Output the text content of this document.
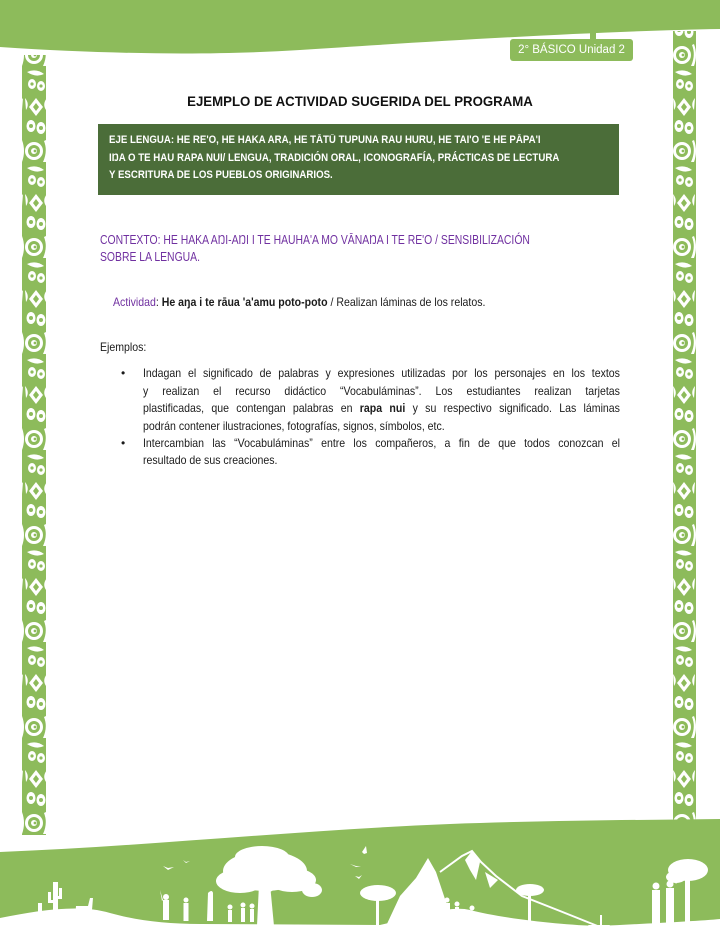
2° BÁSICO Unidad 2
EJEMPLO DE ACTIVIDAD SUGERIDA DEL PROGRAMA
EJE LENGUA: HE RE'O, HE HAKA ARA, HE TĀTŪ TUPUNA RAU HURU, HE TAI'O 'E HE PĀPA'I
IŊA O TE HAU RAPA NUI/ LENGUA, TRADICIÓN ORAL, ICONOGRAFÍA, PRÁCTICAS DE LECTURA
Y ESCRITURA DE LOS PUEBLOS ORIGINARIOS.
CONTEXTO: HE HAKA AŊI-AŊI I TE HAUHA'A MO VĀNAŊA I TE RE'O / SENSIBILIZACIÓN
SOBRE LA LENGUA.
Actividad: He aŋa i te rāua 'a'amu poto-poto / Realizan láminas de los relatos.
Ejemplos:
• Indagan el significado de palabras y expresiones utilizadas por los personajes en los textos
y realizan el recurso didáctico “Vocabuláminas”. Los estudiantes realizan tarjetas
plastificadas, que contengan palabras en rapa nui y su respectivo significado. Las láminas
podrán contener ilustraciones, fotografías, signos, símbolos, etc.
• Intercambian las “Vocabuláminas” entre los compañeros, a fin de que todos conozcan el
resultado de sus creaciones.
